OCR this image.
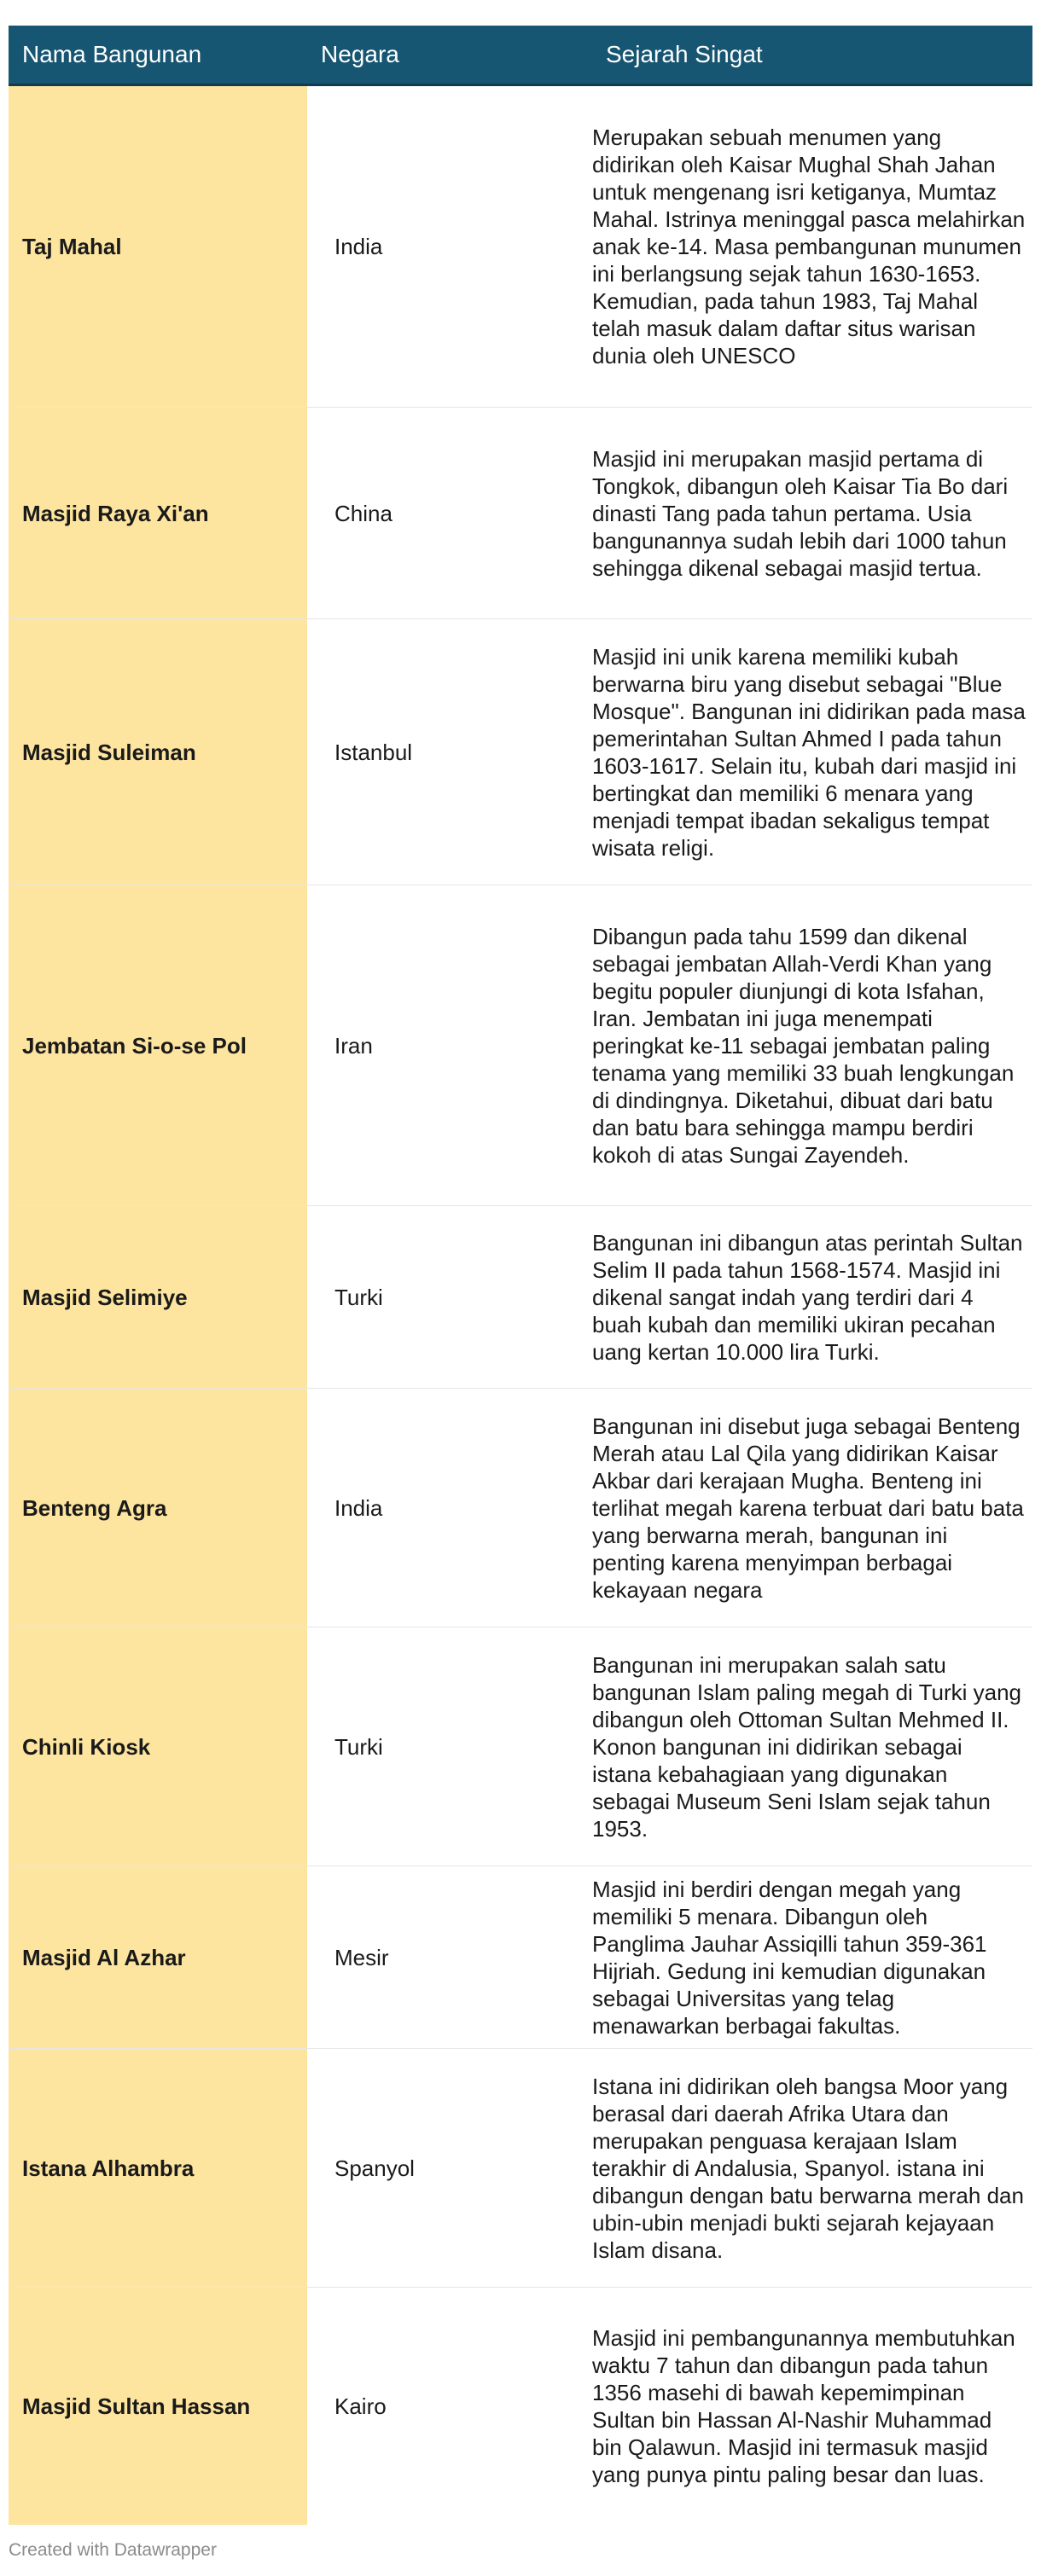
Nama Bangunan	Negara	Sejarah Singat
Taj Mahal	India	Merupakan sebuah menumen yang didirikan oleh Kaisar Mughal Shah Jahan untuk mengenang isri ketiganya, Mumtaz Mahal. Istrinya meninggal pasca melahirkan anak ke-14. Masa pembangunan munumen ini berlangsung sejak tahun 1630-1653. Kemudian, pada tahun 1983, Taj Mahal telah masuk dalam daftar situs warisan dunia oleh UNESCO
Masjid Raya Xi'an	China	Masjid ini merupakan masjid pertama di Tongkok, dibangun oleh Kaisar Tia Bo dari dinasti Tang pada tahun pertama. Usia bangunannya sudah lebih dari 1000 tahun sehingga dikenal sebagai masjid tertua.
Masjid Suleiman	Istanbul	Masjid ini unik karena memiliki kubah berwarna biru yang disebut sebagai "Blue Mosque". Bangunan ini didirikan pada masa pemerintahan Sultan Ahmed I pada tahun 1603-1617. Selain itu, kubah dari masjid ini bertingkat dan memiliki 6 menara yang menjadi tempat ibadan sekaligus tempat wisata religi.
Jembatan Si-o-se Pol	Iran	Dibangun pada tahu 1599 dan dikenal sebagai jembatan Allah-Verdi Khan yang begitu populer diunjungi di kota Isfahan, Iran. Jembatan ini juga menempati peringkat ke-11 sebagai jembatan paling tenama yang memiliki 33 buah lengkungan di dindingnya. Diketahui, dibuat dari batu dan batu bara sehingga mampu berdiri kokoh di atas Sungai Zayendeh.
Masjid Selimiye	Turki	Bangunan ini dibangun atas perintah Sultan Selim II pada tahun 1568-1574. Masjid ini dikenal sangat indah yang terdiri dari 4 buah kubah dan memiliki ukiran pecahan uang kertan 10.000 lira Turki.
Benteng Agra	India	Bangunan ini disebut juga sebagai Benteng Merah atau Lal Qila yang didirikan Kaisar Akbar dari kerajaan Mugha. Benteng ini terlihat megah karena terbuat dari batu bata yang berwarna merah, bangunan ini penting karena menyimpan berbagai kekayaan negara
Chinli Kiosk	Turki	Bangunan ini merupakan salah satu bangunan Islam paling megah di Turki yang dibangun oleh Ottoman Sultan Mehmed II. Konon bangunan ini didirikan sebagai istana kebahagiaan yang digunakan sebagai Museum Seni Islam sejak tahun 1953.
Masjid Al Azhar	Mesir	Masjid ini berdiri dengan megah yang memiliki 5 menara. Dibangun oleh Panglima Jauhar Assiqilli tahun 359-361 Hijriah. Gedung ini kemudian digunakan sebagai Universitas yang telag menawarkan berbagai fakultas.
Istana Alhambra	Spanyol	Istana ini didirikan oleh bangsa Moor yang berasal dari daerah Afrika Utara dan merupakan penguasa kerajaan Islam terakhir di Andalusia, Spanyol. istana ini dibangun dengan batu berwarna merah dan ubin-ubin menjadi bukti sejarah kejayaan Islam disana.
Masjid Sultan Hassan	Kairo	Masjid ini pembangunannya membutuhkan waktu 7 tahun dan dibangun pada tahun 1356 masehi di bawah kepemimpinan Sultan bin Hassan Al-Nashir Muhammad bin Qalawun. Masjid ini termasuk masjid yang punya pintu paling besar dan luas.
Created with Datawrapper
